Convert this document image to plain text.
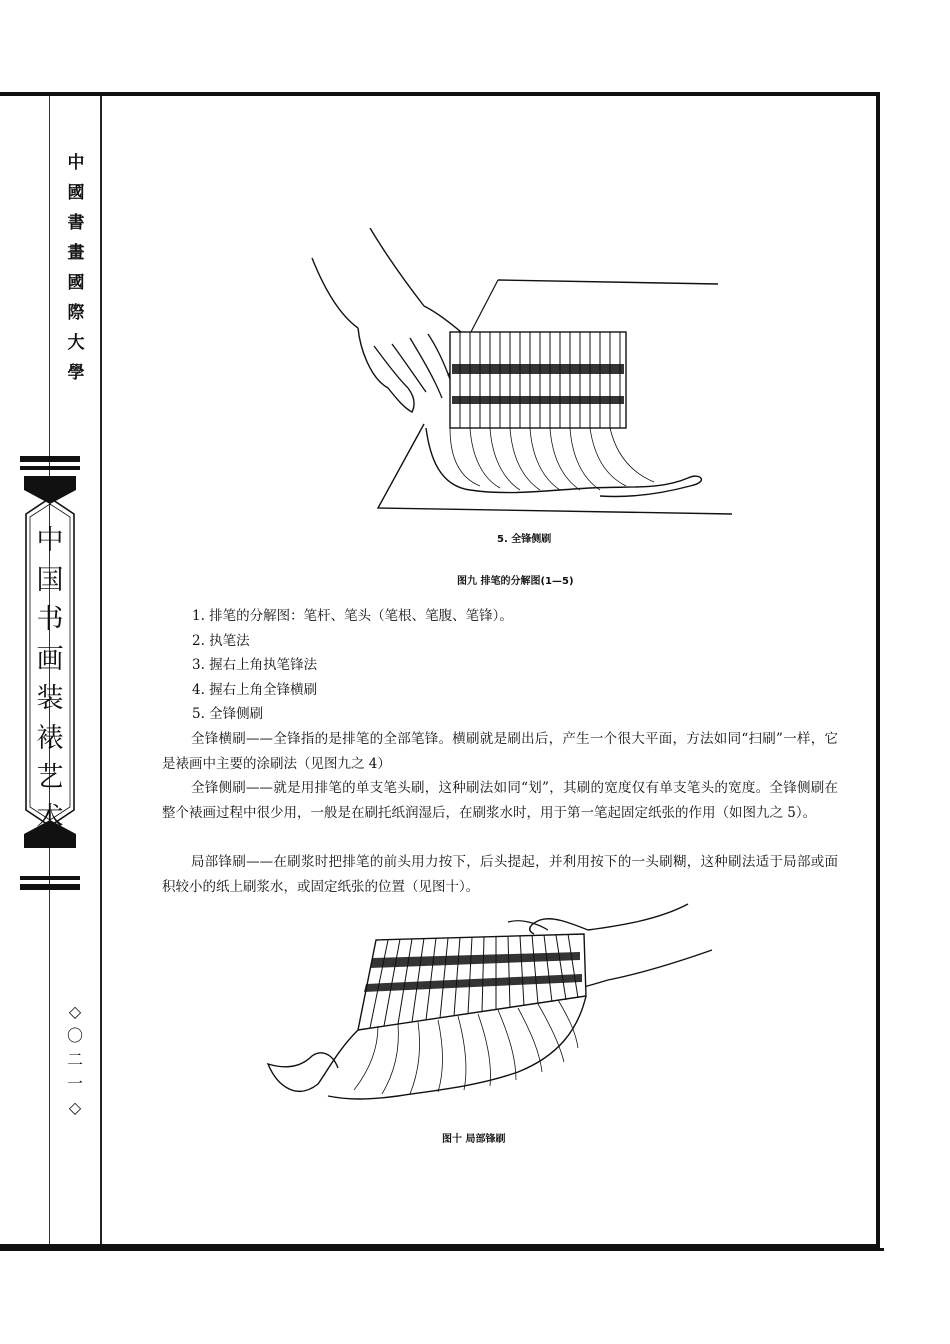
中
國
書
畫
國
際
大
學
中
国
书
画
装
裱
艺
术
◇
〇
二
一
◇
5. 全锋侧刷
图九 排笔的分解图(1—5)
1. 排笔的分解图：笔杆、笔头（笔根、笔腹、笔锋）。
2. 执笔法
3. 握右上角执笔锋法
4. 握右上角全锋横刷
5. 全锋侧刷

全锋横刷——全锋指的是排笔的全部笔锋。横刷就是刷出后，产生一个很大平面，方法如同“扫刷”一样，它是裱画中主要的涂刷法（见图九之 4）

全锋侧刷——就是用排笔的单支笔头刷，这种刷法如同“划”，其刷的宽度仅有单支笔头的宽度。全锋侧刷在整个裱画过程中很少用，一般是在刷托纸润湿后，在刷浆水时，用于第一笔起固定纸张的作用（如图九之 5）。

局部锋刷——在刷浆时把排笔的前头用力按下，后头提起，并利用按下的一头刷糊，这种刷法适于局部或面积较小的纸上刷浆水，或固定纸张的位置（见图十）。

图十 局部锋刷
